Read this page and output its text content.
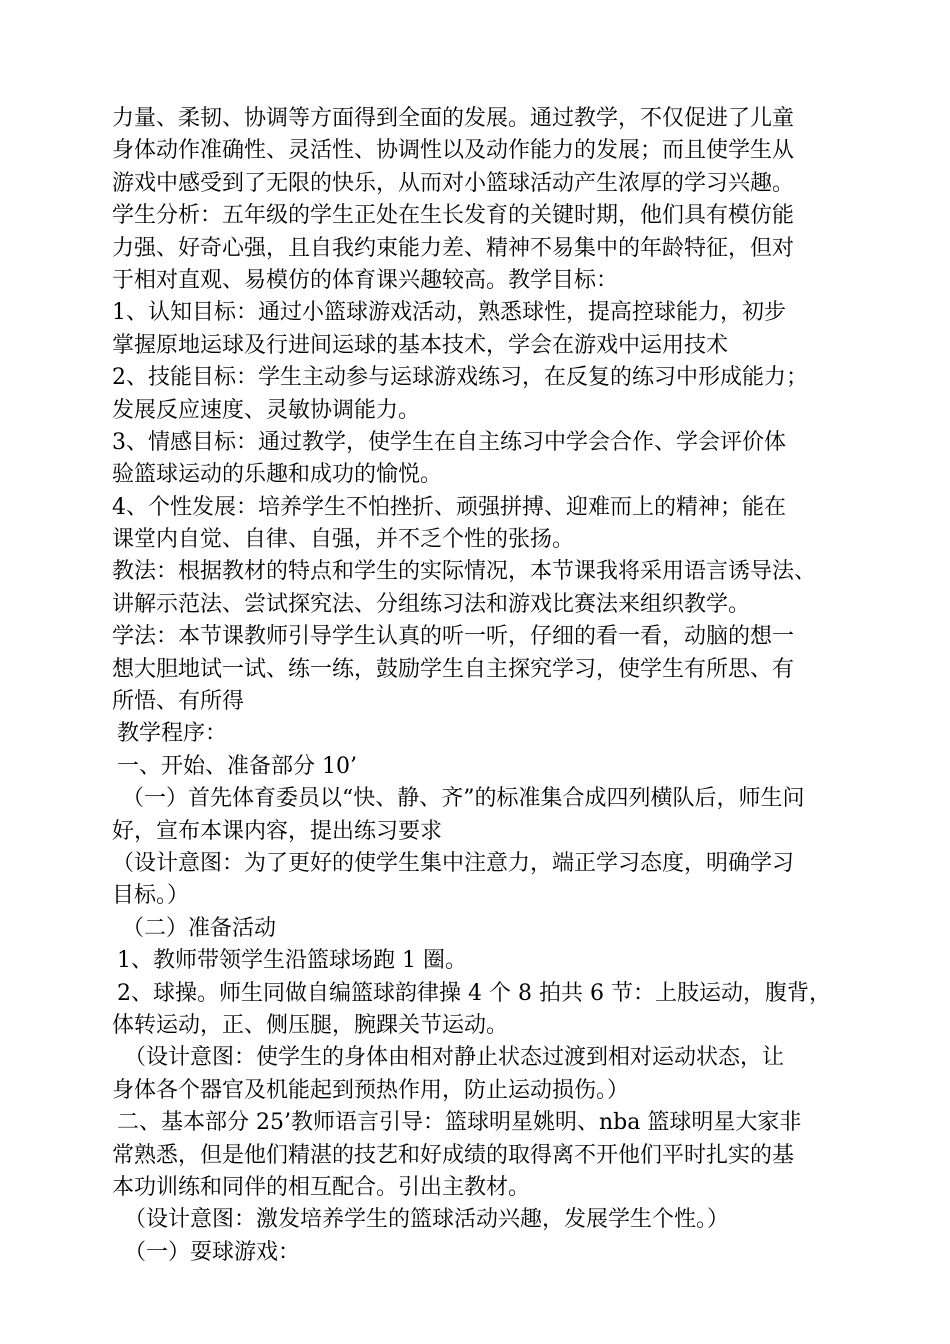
力量、柔韧、协调等方面得到全面的发展。通过教学，不仅促进了儿童
身体动作准确性、灵活性、协调性以及动作能力的发展；而且使学生从
游戏中感受到了无限的快乐，从而对小篮球活动产生浓厚的学习兴趣。
学生分析：五年级的学生正处在生长发育的关键时期，他们具有模仿能
力强、好奇心强，且自我约束能力差、精神不易集中的年龄特征，但对
于相对直观、易模仿的体育课兴趣较高。教学目标：
1、认知目标：通过小篮球游戏活动，熟悉球性，提高控球能力，初步
掌握原地运球及行进间运球的基本技术，学会在游戏中运用技术
2、技能目标：学生主动参与运球游戏练习，在反复的练习中形成能力；
发展反应速度、灵敏协调能力。
3、情感目标：通过教学，使学生在自主练习中学会合作、学会评价体
验篮球运动的乐趣和成功的愉悦。
4、个性发展：培养学生不怕挫折、顽强拼搏、迎难而上的精神；能在
课堂内自觉、自律、自强，并不乏个性的张扬。
教法：根据教材的特点和学生的实际情况，本节课我将采用语言诱导法、
讲解示范法、尝试探究法、分组练习法和游戏比赛法来组织教学。
学法：本节课教师引导学生认真的听一听，仔细的看一看，动脑的想一
想大胆地试一试、练一练，鼓励学生自主探究学习，使学生有所思、有
所悟、有所得
教学程序：
一、开始、准备部分 10’
（一）首先体育委员以“快、静、齐”的标准集合成四列横队后，师生问
好，宣布本课内容，提出练习要求
（设计意图：为了更好的使学生集中注意力，端正学习态度，明确学习
目标。）
（二）准备活动
1、教师带领学生沿篮球场跑 1 圈。
2、球操。师生同做自编篮球韵律操 4 个 8 拍共 6 节：上肢运动，腹背，
体转运动，正、侧压腿，腕踝关节运动。
（设计意图：使学生的身体由相对静止状态过渡到相对运动状态，让
身体各个器官及机能起到预热作用，防止运动损伤。）
二、基本部分 25’教师语言引导：篮球明星姚明、nba 篮球明星大家非
常熟悉，但是他们精湛的技艺和好成绩的取得离不开他们平时扎实的基
本功训练和同伴的相互配合。引出主教材。
（设计意图：激发培养学生的篮球活动兴趣，发展学生个性。）
（一）耍球游戏：
